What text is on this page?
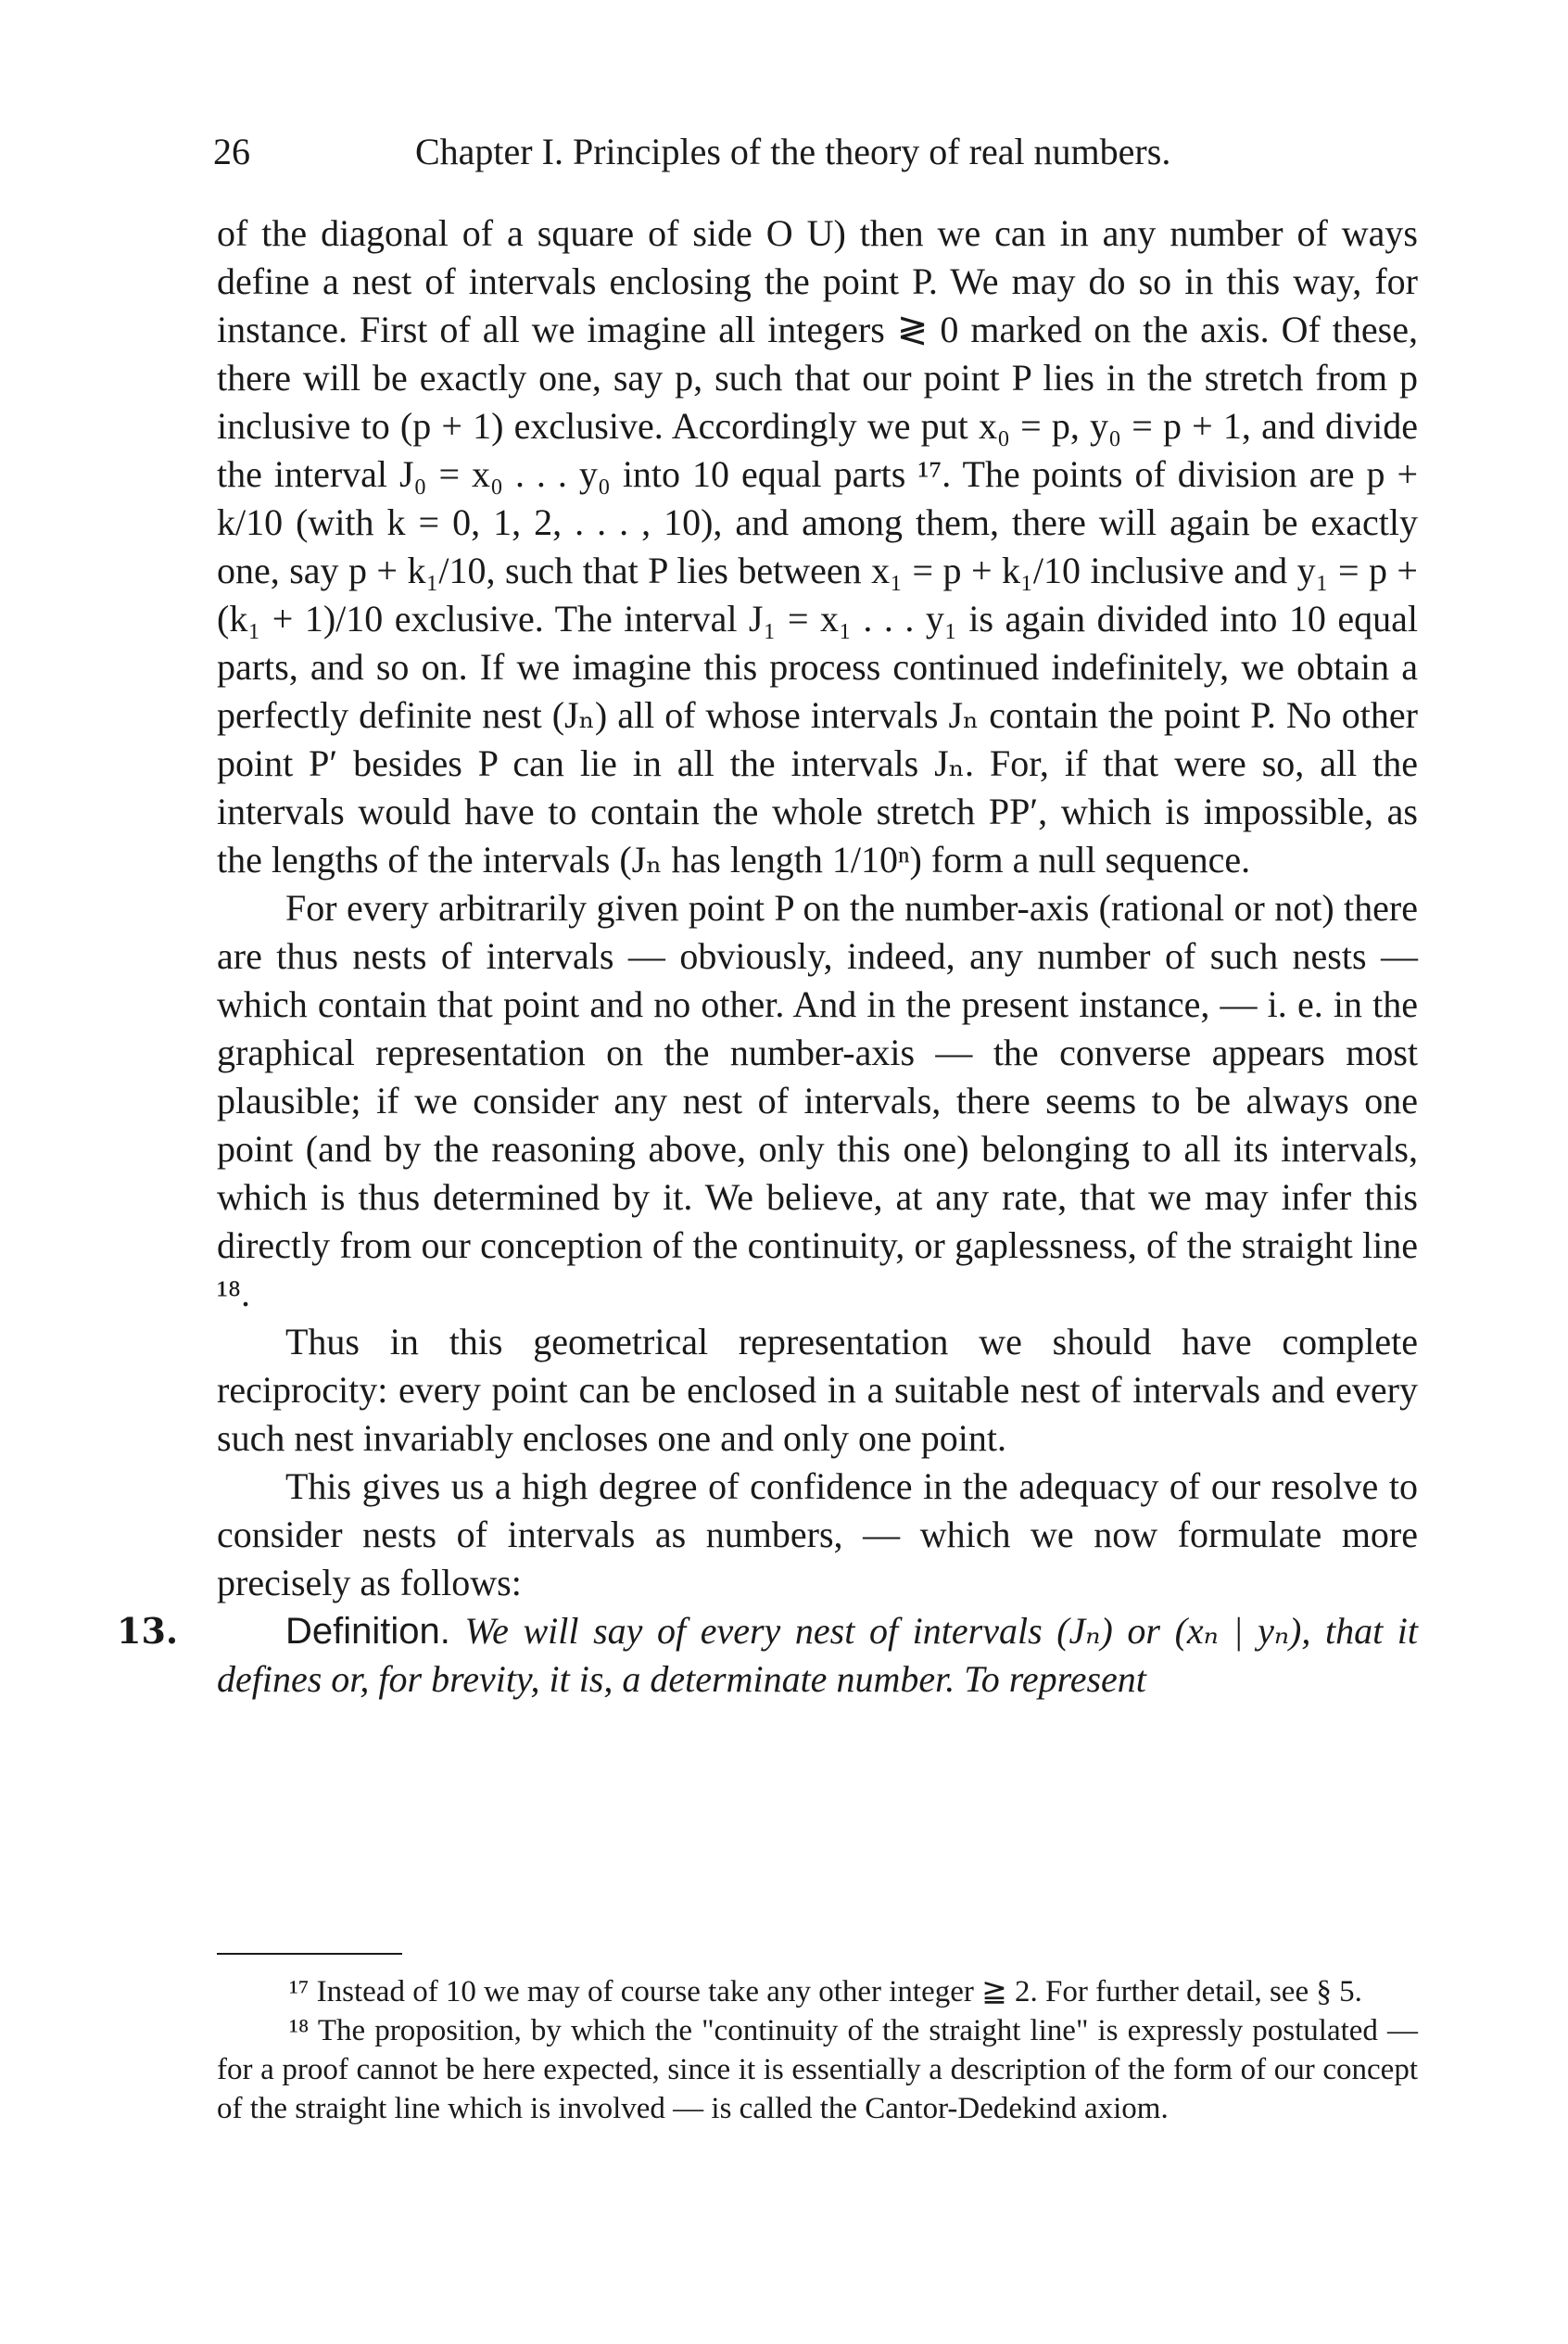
26	Chapter I. Principles of the theory of real numbers.

of the diagonal of a square of side O U) then we can in any number of ways define a nest of intervals enclosing the point P. We may do so in this way, for instance. First of all we imagine all integers ≷ 0 marked on the axis. Of these, there will be exactly one, say p, such that our point P lies in the stretch from p inclusive to (p + 1) exclusive. Accordingly we put x₀ = p, y₀ = p + 1, and divide the interval J₀ = x₀ . . . y₀ into 10 equal parts ¹⁷. The points of division are p + k/10 (with k = 0, 1, 2, . . . , 10), and among them, there will again be exactly one, say p + k₁/10, such that P lies between x₁ = p + k₁/10 inclusive and y₁ = p + (k₁ + 1)/10 exclusive. The interval J₁ = x₁ . . . y₁ is again divided into 10 equal parts, and so on. If we imagine this process continued indefinitely, we obtain a perfectly definite nest (Jₙ) all of whose intervals Jₙ contain the point P. No other point P′ besides P can lie in all the intervals Jₙ. For, if that were so, all the intervals would have to contain the whole stretch PP′, which is impossible, as the lengths of the intervals (Jₙ has length 1/10ⁿ) form a null sequence.

For every arbitrarily given point P on the number-axis (rational or not) there are thus nests of intervals — obviously, indeed, any number of such nests — which contain that point and no other. And in the present instance, — i. e. in the graphical representation on the number-axis — the converse appears most plausible; if we consider any nest of intervals, there seems to be always one point (and by the reasoning above, only this one) belonging to all its intervals, which is thus determined by it. We believe, at any rate, that we may infer this directly from our conception of the continuity, or gaplessness, of the straight line ¹⁸.

Thus in this geometrical representation we should have complete reciprocity: every point can be enclosed in a suitable nest of intervals and every such nest invariably encloses one and only one point.

This gives us a high degree of confidence in the adequacy of our resolve to consider nests of intervals as numbers, — which we now formulate more precisely as follows:

13.	Definition. We will say of every nest of intervals (Jₙ) or (xₙ | yₙ), that it defines or, for brevity, it is, a determinate number. To represent

¹⁷ Instead of 10 we may of course take any other integer ≧ 2. For further detail, see § 5.

¹⁸ The proposition, by which the "continuity of the straight line" is expressly postulated — for a proof cannot be here expected, since it is essentially a description of the form of our concept of the straight line which is involved — is called the Cantor-Dedekind axiom.
